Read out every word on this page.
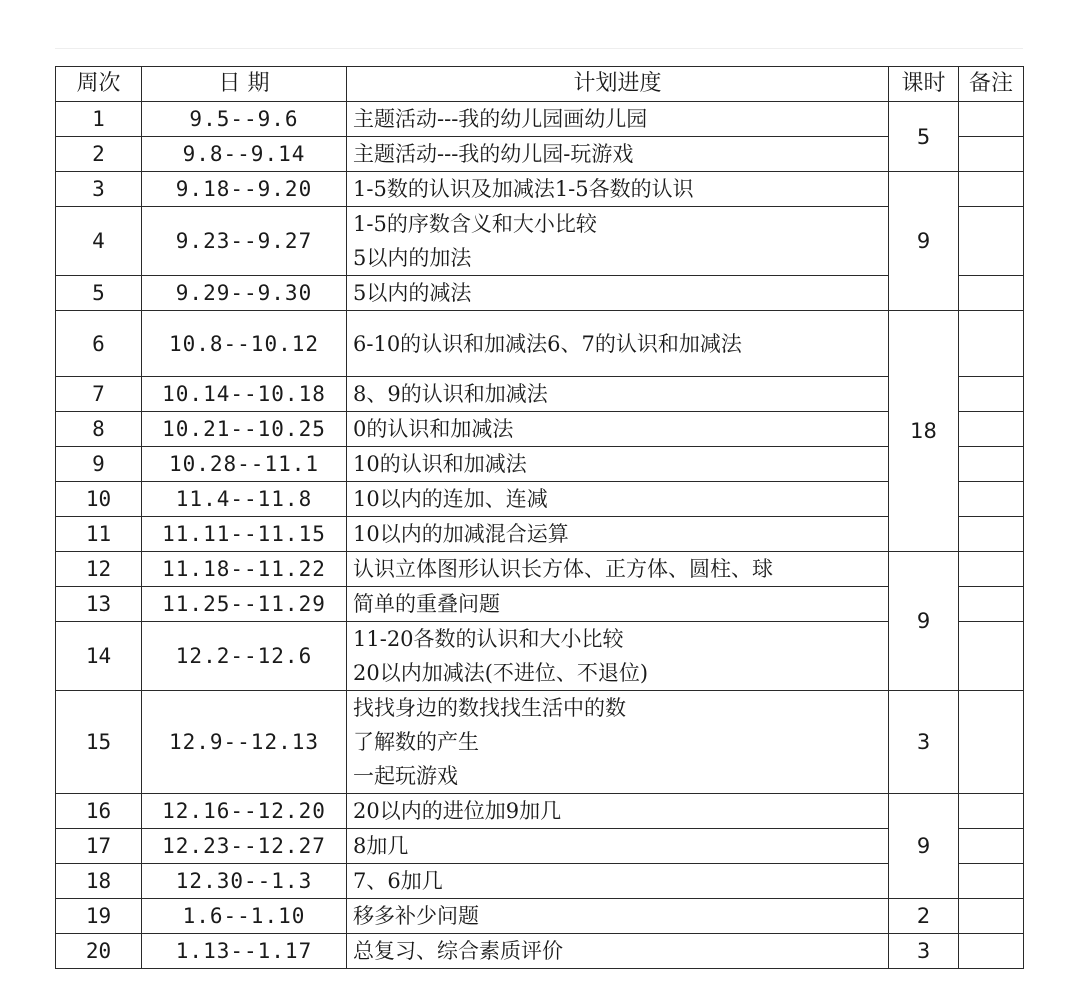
周次	日 期	计划进度	课时	备注
1	9.5--9.6	主题活动---我的幼儿园画幼儿园	5	
2	9.8--9.14	主题活动---我的幼儿园-玩游戏		

3	9.18--9.20	1-5数的认识及加减法1-5各数的认识	9	
4	9.23--9.27	1-5的序数含义和大小比较
5以内的加法		

5	9.29--9.30	5以内的减法		

6	10.8--10.12	6-10的认识和加减法6、7的认识和加减法	18	
7	10.14--10.18	8、9的认识和加减法		

8	10.21--10.25	0的认识和加减法		

9	10.28--11.1	10的认识和加减法		

10	11.4--11.8	10以内的连加、连减		

11	11.11--11.15	10以内的加减混合运算		

12	11.18--11.22	认识立体图形认识长方体、正方体、圆柱、球	9	
13	11.25--11.29	简单的重叠问题		

14	12.2--12.6	11-20各数的认识和大小比较
20以内加减法(不进位、不退位)		

15	12.9--12.13	找找身边的数找找生活中的数
了解数的产生
一起玩游戏	3	
16	12.16--12.20	20以内的进位加9加几	9	
17	12.23--12.27	8加几		

18	12.30--1.3	7、6加几		

19	1.6--1.10	移多补少问题	2	
20	1.13--1.17	总复习、综合素质评价	3	
